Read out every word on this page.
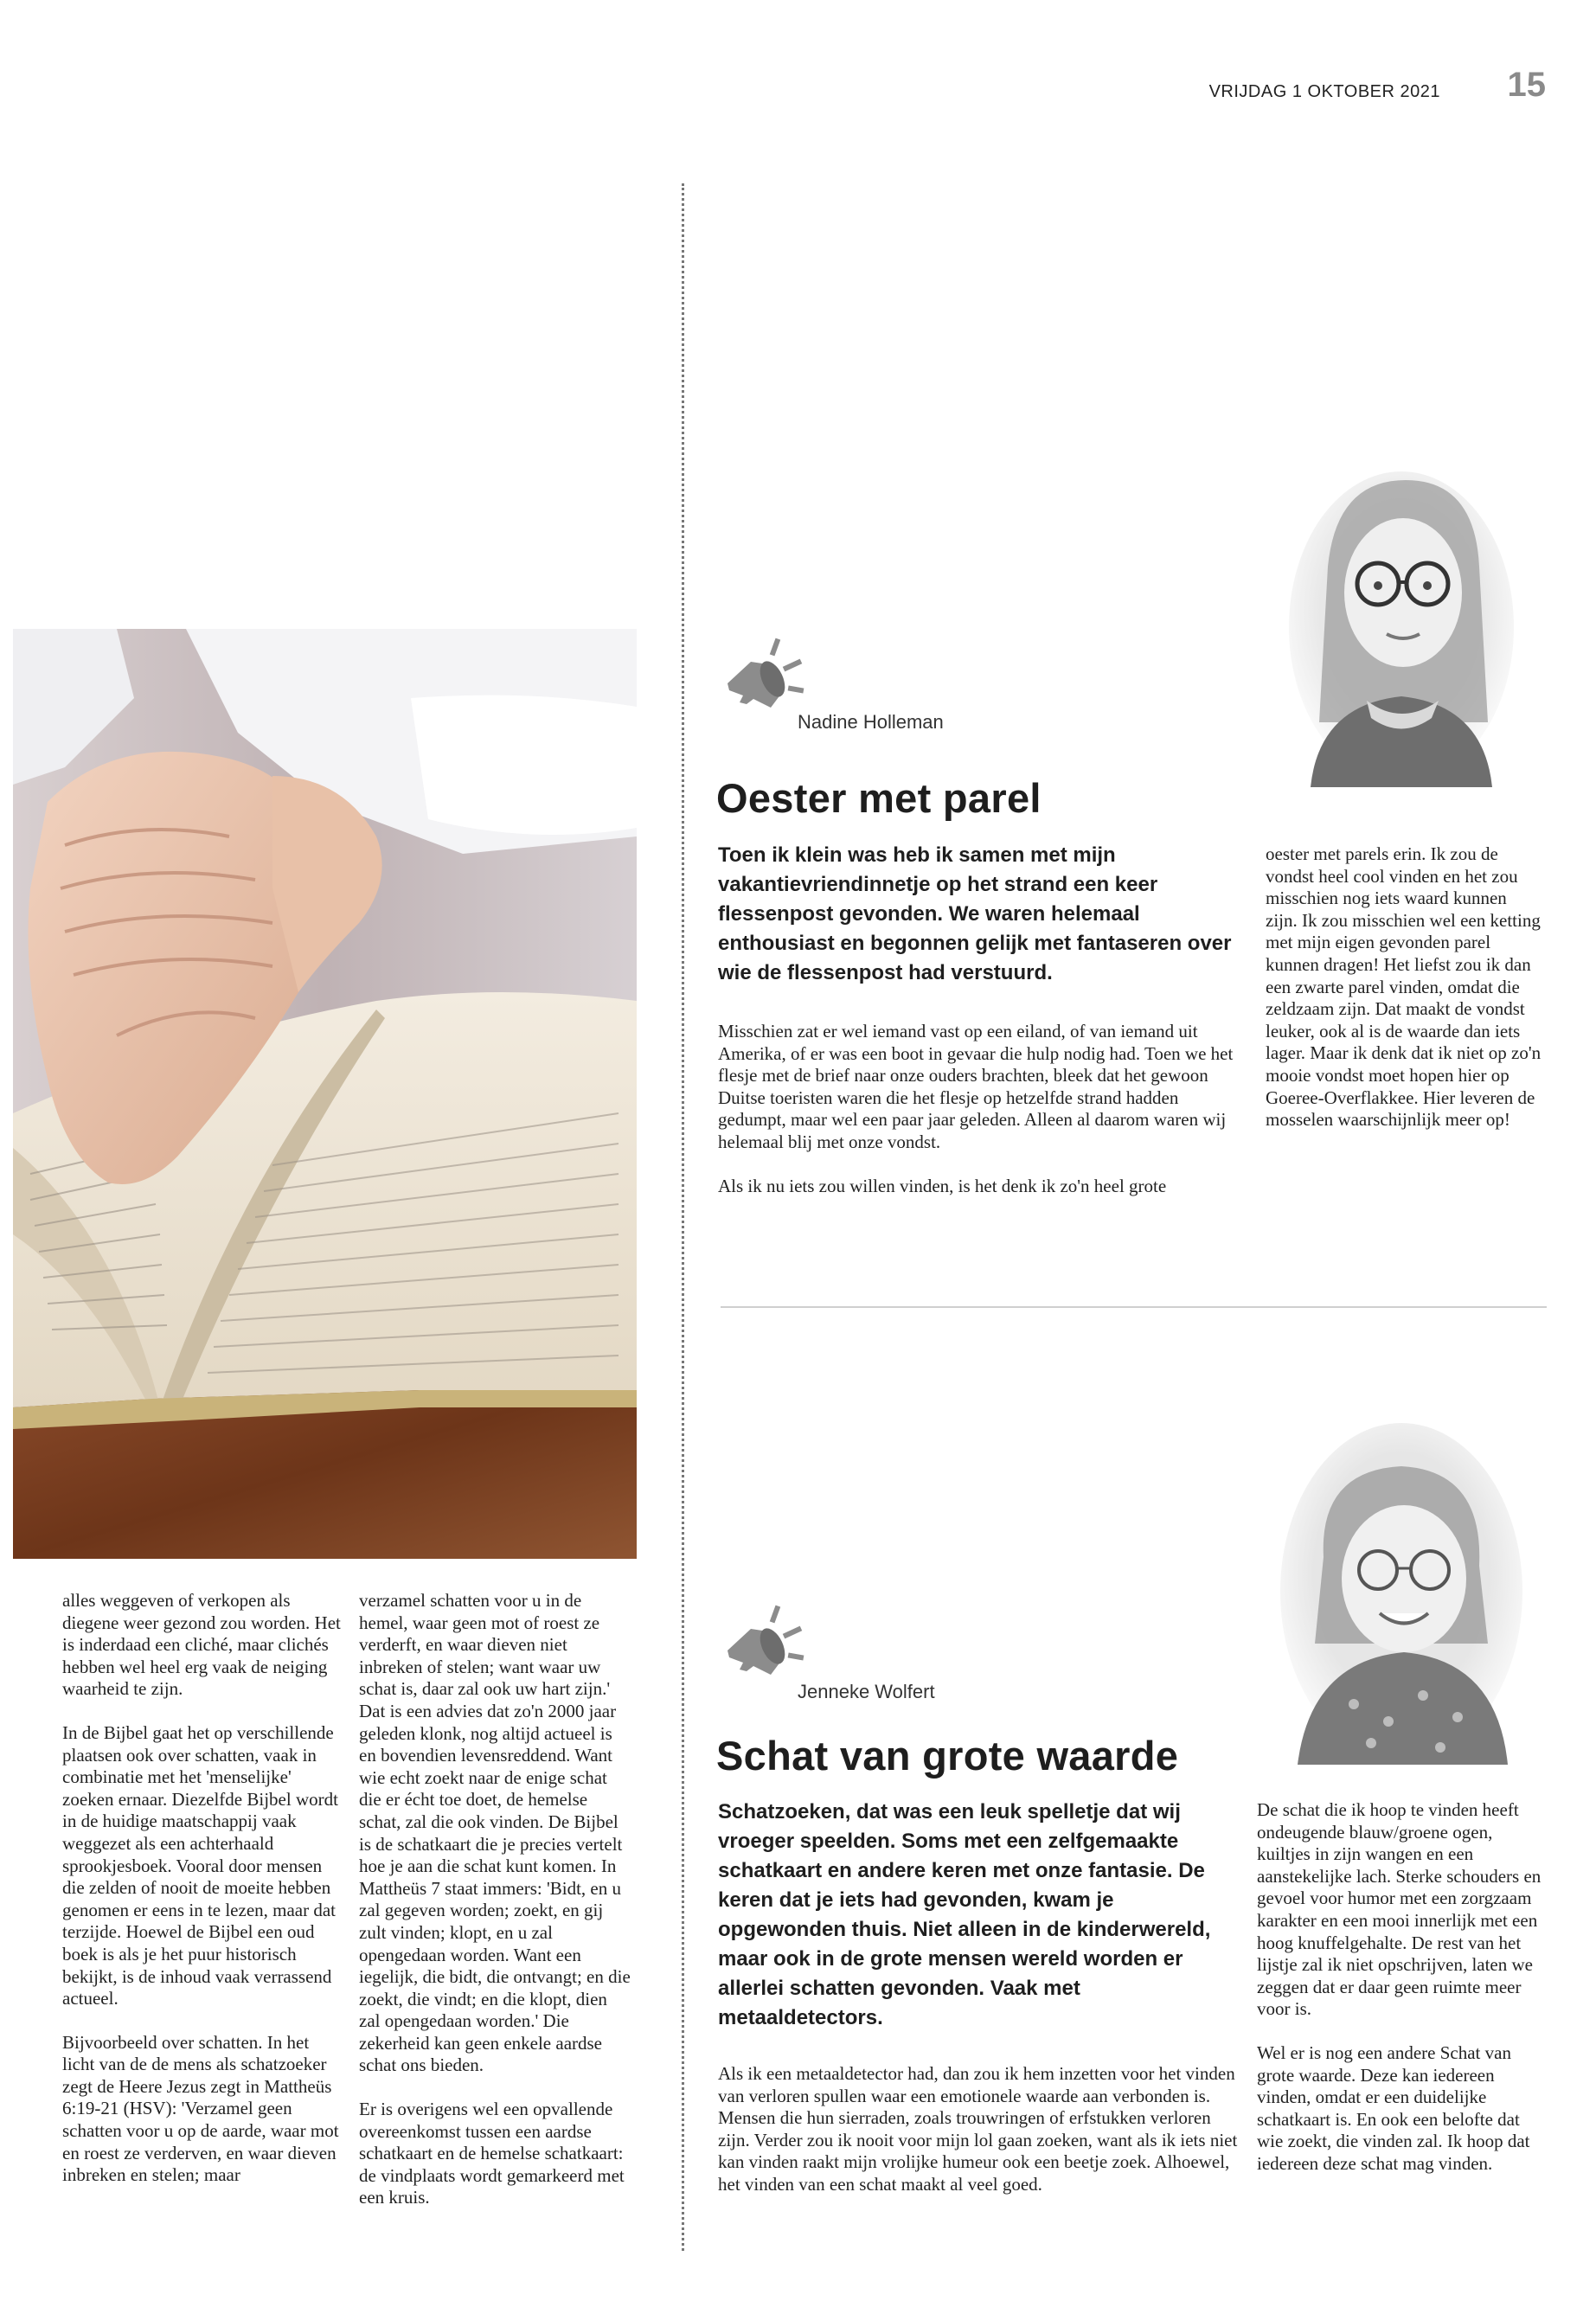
VRIJDAG 1 OKTOBER 2021 15

alles weggeven of verkopen als diegene weer gezond zou worden. Het is inderdaad een cliché, maar clichés hebben wel heel erg vaak de neiging waarheid te zijn.

In de Bijbel gaat het op verschillende plaatsen ook over schatten, vaak in combinatie met het 'menselijke' zoeken ernaar. Diezelfde Bijbel wordt in de huidige maatschappij vaak weggezet als een achterhaald sprookjesboek. Vooral door mensen die zelden of nooit de moeite hebben genomen er eens in te lezen, maar dat terzijde. Hoewel de Bijbel een oud boek is als je het puur historisch bekijkt, is de inhoud vaak verrassend actueel.

Bijvoorbeeld over schatten. In het licht van de de mens als schatzoeker zegt de Heere Jezus zegt in Mattheüs 6:19-21 (HSV): 'Verzamel geen schatten voor u op de aarde, waar mot en roest ze verderven, en waar dieven inbreken en stelen; maar

verzamel schatten voor u in de hemel, waar geen mot of roest ze verderft, en waar dieven niet inbreken of stelen; want waar uw schat is, daar zal ook uw hart zijn.' Dat is een advies dat zo'n 2000 jaar geleden klonk, nog altijd actueel is en bovendien levensreddend. Want wie echt zoekt naar de enige schat die er écht toe doet, de hemelse schat, zal die ook vinden. De Bijbel is de schatkaart die je precies vertelt hoe je aan die schat kunt komen. In Mattheüs 7 staat immers: 'Bidt, en u zal gegeven worden; zoekt, en gij zult vinden; klopt, en u zal opengedaan worden. Want een iegelijk, die bidt, die ontvangt; en die zoekt, die vindt; en die klopt, dien zal opengedaan worden.' Die zekerheid kan geen enkele aardse schat ons bieden.

Er is overigens wel een opvallende overeenkomst tussen een aardse schatkaart en de hemelse schatkaart: de vindplaats wordt gemarkeerd met een kruis.

Nadine Holleman
Oester met parel
Toen ik klein was heb ik samen met mijn vakantievriendinnetje op het strand een keer flessenpost gevonden. We waren helemaal enthousiast en begonnen gelijk met fantaseren over wie de flessenpost had verstuurd.

Misschien zat er wel iemand vast op een eiland, of van iemand uit Amerika, of er was een boot in gevaar die hulp nodig had. Toen we het flesje met de brief naar onze ouders brachten, bleek dat het gewoon Duitse toeristen waren die het flesje op hetzelfde strand hadden gedumpt, maar wel een paar jaar geleden. Alleen al daarom waren wij helemaal blij met onze vondst.

Als ik nu iets zou willen vinden, is het denk ik zo'n heel grote

oester met parels erin. Ik zou de vondst heel cool vinden en het zou misschien nog iets waard kunnen zijn. Ik zou misschien wel een ketting met mijn eigen gevonden parel kunnen dragen! Het liefst zou ik dan een zwarte parel vinden, omdat die zeldzaam zijn. Dat maakt de vondst leuker, ook al is de waarde dan iets lager. Maar ik denk dat ik niet op zo'n mooie vondst moet hopen hier op Goeree-Overflakkee. Hier leveren de mosselen waarschijnlijk meer op!

Jenneke Wolfert
Schat van grote waarde
Schatzoeken, dat was een leuk spelletje dat wij vroeger speelden. Soms met een zelfgemaakte schatkaart en andere keren met onze fantasie. De keren dat je iets had gevonden, kwam je opgewonden thuis. Niet alleen in de kinderwereld, maar ook in de grote mensen wereld worden er allerlei schatten gevonden. Vaak met metaaldetectors.

Als ik een metaaldetector had, dan zou ik hem inzetten voor het vinden van verloren spullen waar een emotionele waarde aan verbonden is. Mensen die hun sierraden, zoals trouwringen of erfstukken verloren zijn. Verder zou ik nooit voor mijn lol gaan zoeken, want als ik iets niet kan vinden raakt mijn vrolijke humeur ook een beetje zoek. Alhoewel, het vinden van een schat maakt al veel goed.

De schat die ik hoop te vinden heeft ondeugende blauw/groene ogen, kuiltjes in zijn wangen en een aanstekelijke lach. Sterke schouders en gevoel voor humor met een zorgzaam karakter en een mooi innerlijk met een hoog knuffelgehalte. De rest van het lijstje zal ik niet opschrijven, laten we zeggen dat er daar geen ruimte meer voor is.

Wel er is nog een andere Schat van grote waarde. Deze kan iedereen vinden, omdat er een duidelijke schatkaart is. En ook een belofte dat wie zoekt, die vinden zal. Ik hoop dat iedereen deze schat mag vinden.
